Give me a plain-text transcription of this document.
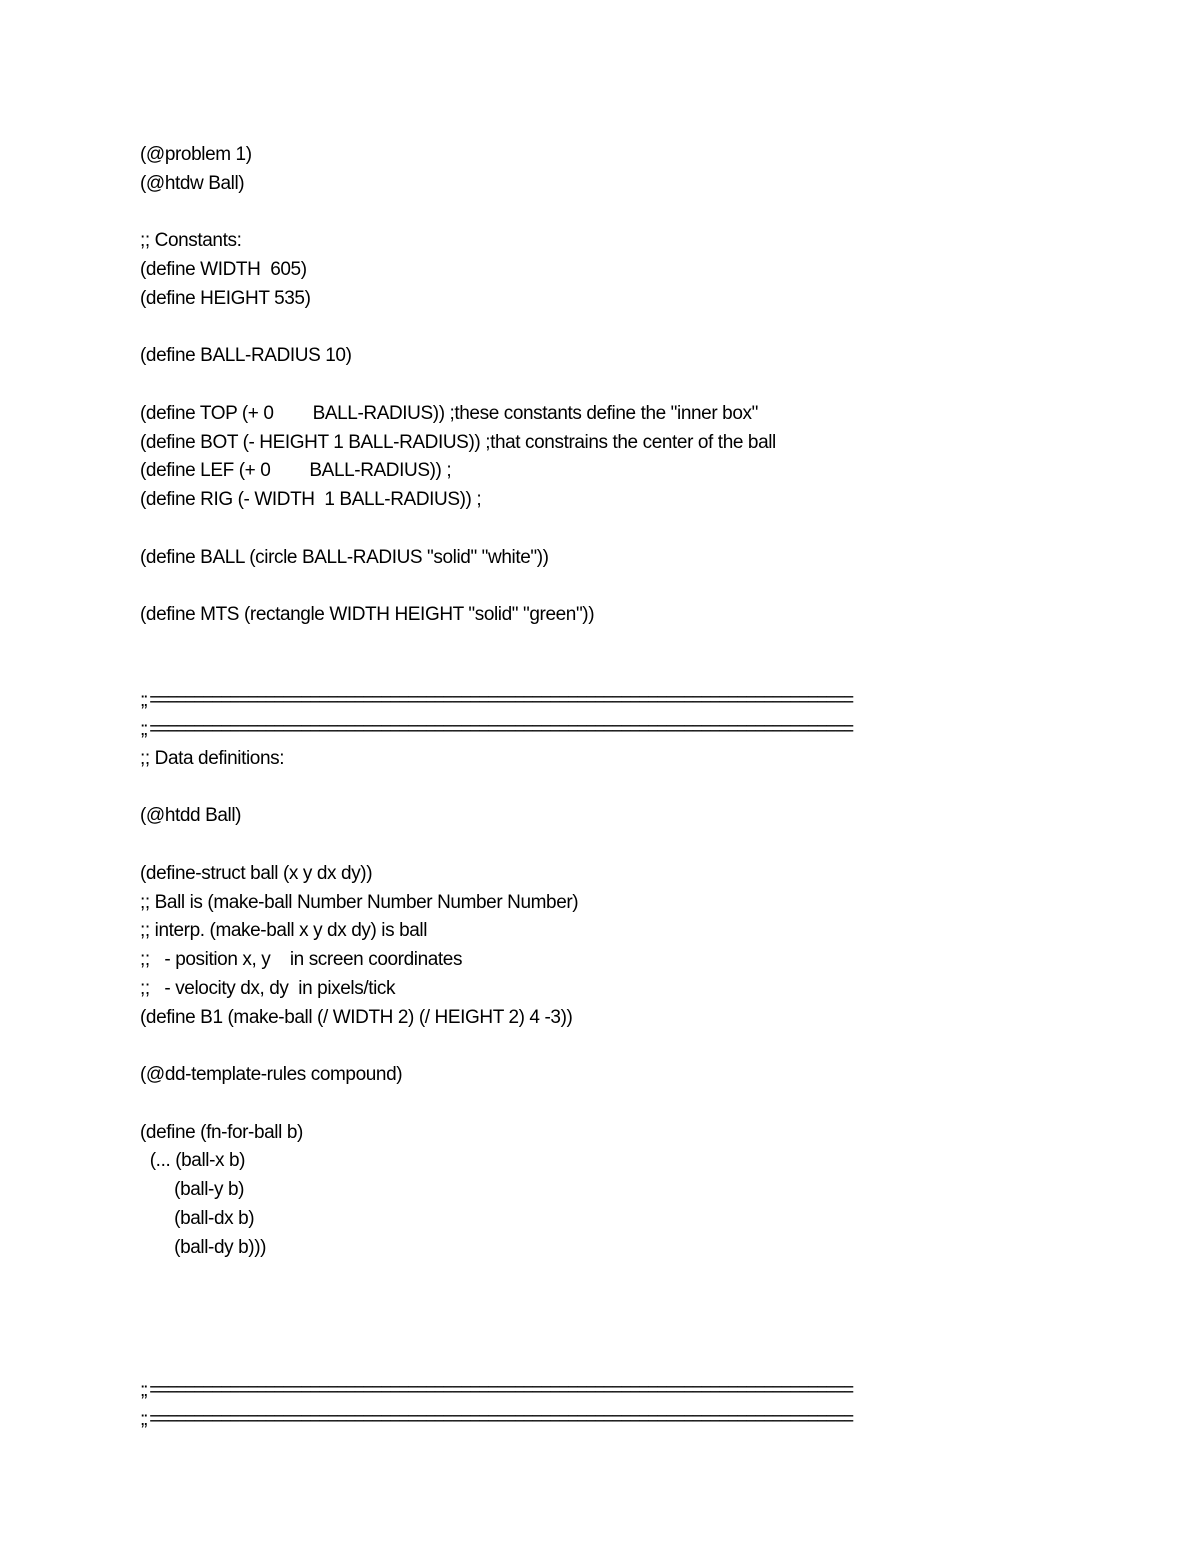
(@problem 1)
(@htdw Ball)
;; Constants:
(define WIDTH  605)
(define HEIGHT 535)
(define BALL-RADIUS 10)
(define TOP (+ 0        BALL-RADIUS)) ;these constants define the "inner box"
(define BOT (- HEIGHT 1 BALL-RADIUS)) ;that constrains the center of the ball
(define LEF (+ 0        BALL-RADIUS)) ;
(define RIG (- WIDTH  1 BALL-RADIUS)) ;
(define BALL (circle BALL-RADIUS "solid" "white"))
(define MTS (rectangle WIDTH HEIGHT "solid" "green"))
;; ===============================================================================
;; ===============================================================================
;; Data definitions:
(@htdd Ball)
(define-struct ball (x y dx dy))
;; Ball is (make-ball Number Number Number Number)
;; interp. (make-ball x y dx dy) is ball
;;   - position x, y    in screen coordinates
;;   - velocity dx, dy  in pixels/tick
(define B1 (make-ball (/ WIDTH 2) (/ HEIGHT 2) 4 -3))
(@dd-template-rules compound)
(define (fn-for-ball b)
(... (ball-x b)
(ball-y b)
(ball-dx b)
(ball-dy b)))
;; ===============================================================================
;; ===============================================================================
